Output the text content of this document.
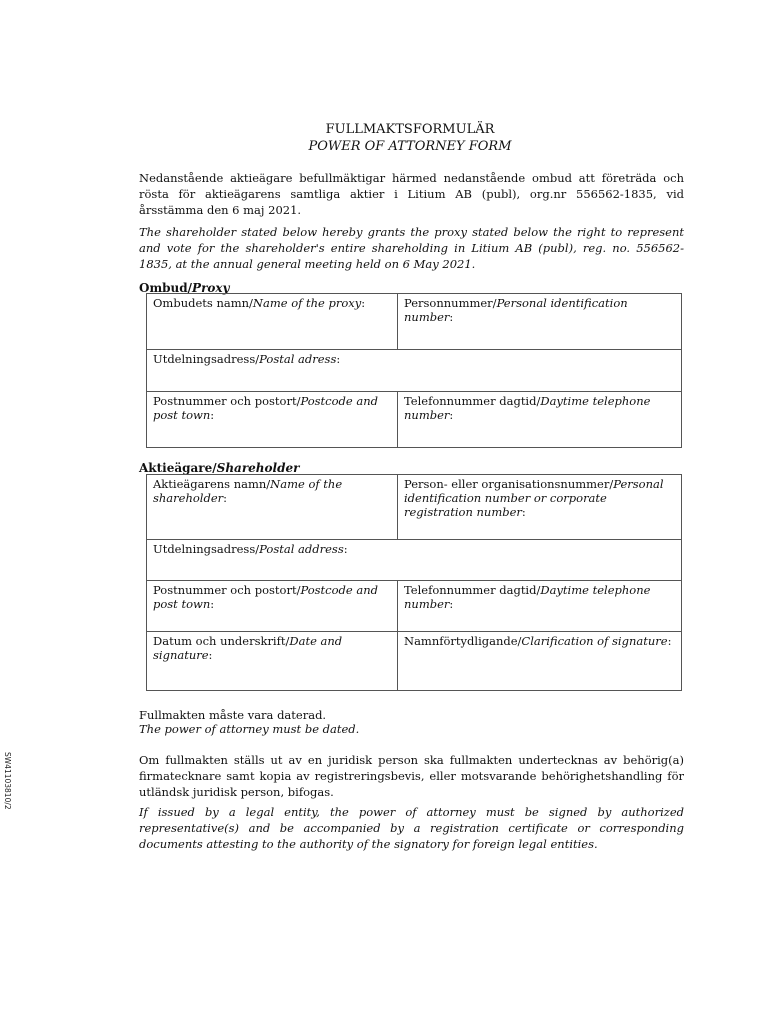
FULLMAKTSFORMULÄR
POWER OF ATTORNEY FORM
Nedanstående aktieägare befullmäktigar härmed nedanstående ombud att företräda och rösta för aktieägarens samtliga aktier i Litium AB (publ), org.nr 556562-1835, vid årsstämma den 6 maj 2021.
The shareholder stated below hereby grants the proxy stated below the right to represent and vote for the shareholder's entire shareholding in Litium AB (publ), reg. no. 556562-1835, at the annual general meeting held on 6 May 2021.
Ombud/Proxy
Ombudets namn/Name of the proxy:	Personnummer/Personal identification number:
Utdelningsadress/Postal adress:	
Postnummer och postort/Postcode and post town:	Telefonnummer dagtid/Daytime telephone number:
Aktieägare/Shareholder
Aktieägarens namn/Name of the shareholder:	Person- eller organisationsnummer/Personal identification number or corporate registration number:
Utdelningsadress/Postal address:	
Postnummer och postort/Postcode and post town:	Telefonnummer dagtid/Daytime telephone number:
Datum och underskrift/Date and signature:	Namnförtydligande/Clarification of signature:
Fullmakten måste vara daterad.
The power of attorney must be dated.
Om fullmakten ställs ut av en juridisk person ska fullmakten undertecknas av behörig(a) firmatecknare samt kopia av registreringsbevis, eller motsvarande behörighetshandling för utländsk juridisk person, bifogas.
If issued by a legal entity, the power of attorney must be signed by authorized representative(s) and be accompanied by a registration certificate or corresponding documents attesting to the authority of the signatory for foreign legal entities.
SW41103810/2
